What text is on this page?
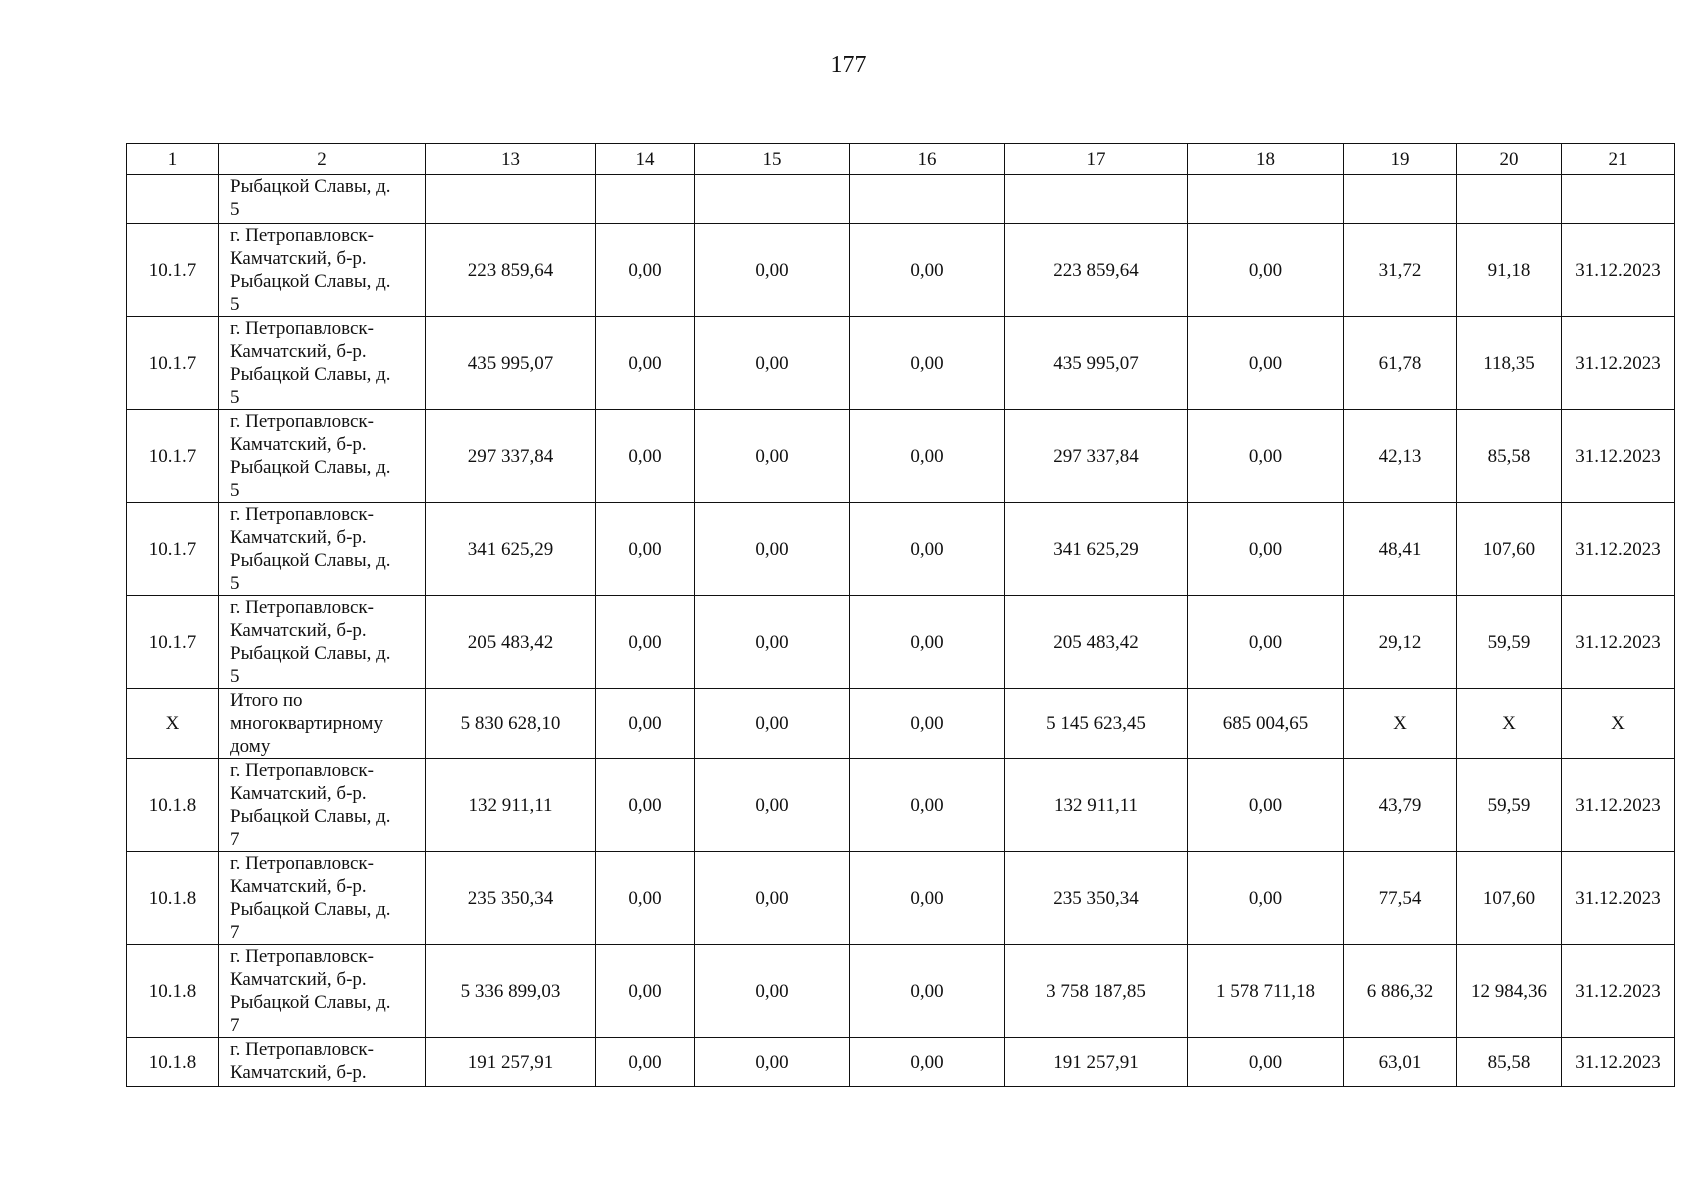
177
1	2	13	14	15	16	17	18	19	20	21
	Рыбацкой Славы, д.
5									
10.1.7	г. Петропавловск-
Камчатский, б-р.
Рыбацкой Славы, д.
5	223 859,64	0,00	0,00	0,00	223 859,64	0,00	31,72	91,18	31.12.2023
10.1.7	г. Петропавловск-
Камчатский, б-р.
Рыбацкой Славы, д.
5	435 995,07	0,00	0,00	0,00	435 995,07	0,00	61,78	118,35	31.12.2023
10.1.7	г. Петропавловск-
Камчатский, б-р.
Рыбацкой Славы, д.
5	297 337,84	0,00	0,00	0,00	297 337,84	0,00	42,13	85,58	31.12.2023
10.1.7	г. Петропавловск-
Камчатский, б-р.
Рыбацкой Славы, д.
5	341 625,29	0,00	0,00	0,00	341 625,29	0,00	48,41	107,60	31.12.2023
10.1.7	г. Петропавловск-
Камчатский, б-р.
Рыбацкой Славы, д.
5	205 483,42	0,00	0,00	0,00	205 483,42	0,00	29,12	59,59	31.12.2023
X	Итого по
многоквартирному
дому	5 830 628,10	0,00	0,00	0,00	5 145 623,45	685 004,65	X	X	X
10.1.8	г. Петропавловск-
Камчатский, б-р.
Рыбацкой Славы, д.
7	132 911,11	0,00	0,00	0,00	132 911,11	0,00	43,79	59,59	31.12.2023
10.1.8	г. Петропавловск-
Камчатский, б-р.
Рыбацкой Славы, д.
7	235 350,34	0,00	0,00	0,00	235 350,34	0,00	77,54	107,60	31.12.2023
10.1.8	г. Петропавловск-
Камчатский, б-р.
Рыбацкой Славы, д.
7	5 336 899,03	0,00	0,00	0,00	3 758 187,85	1 578 711,18	6 886,32	12 984,36	31.12.2023
10.1.8	г. Петропавловск-
Камчатский, б-р.	191 257,91	0,00	0,00	0,00	191 257,91	0,00	63,01	85,58	31.12.2023
